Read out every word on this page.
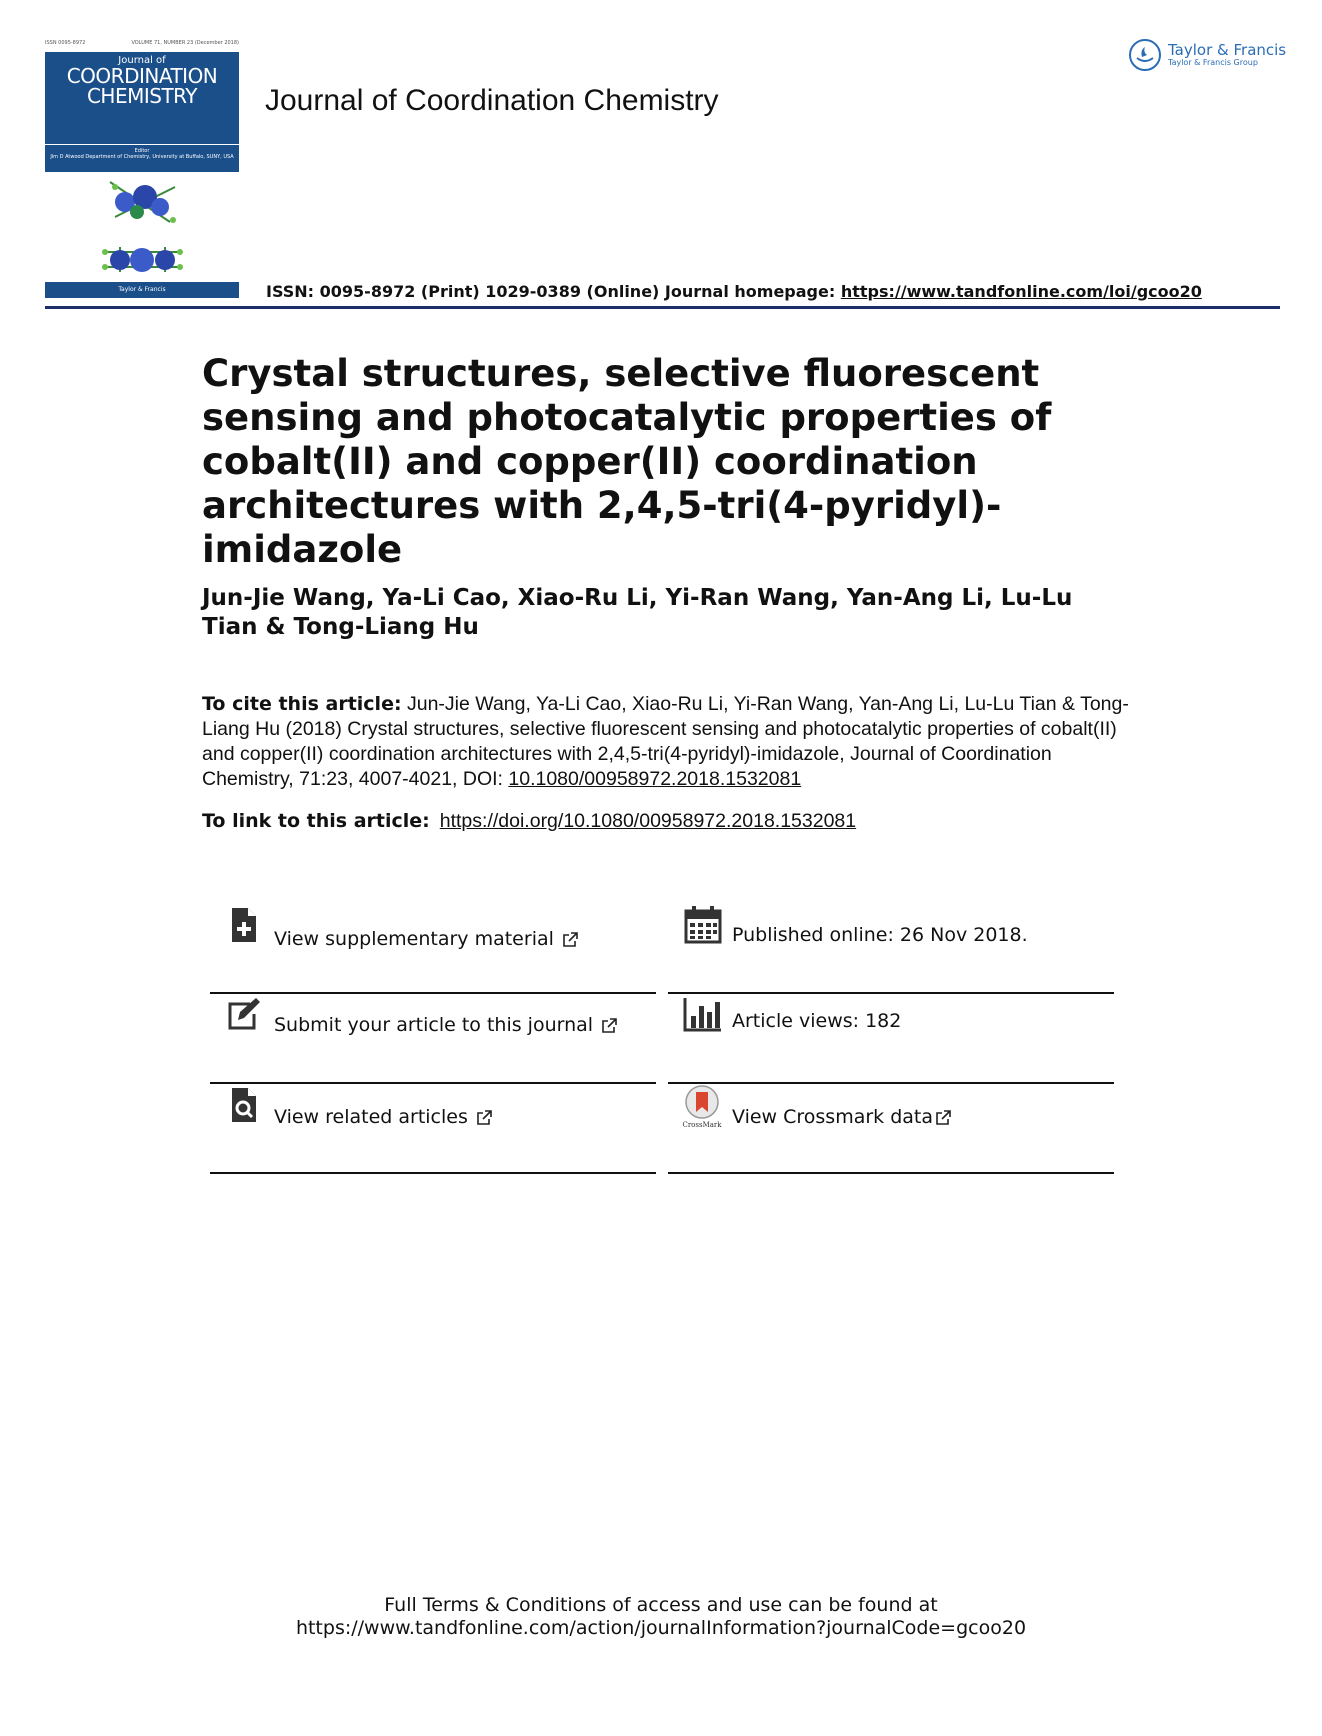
ISSN 0095-8972	VOLUME 71, NUMBER 23 (December 2018)
Journal of
COORDINATION
CHEMISTRY
Editor
Jim D Atwood Department of Chemistry, University at Buffalo, SUNY, USA
Taylor & Francis
Journal of Coordination Chemistry
Taylor & Francis
Taylor & Francis Group
ISSN: 0095-8972 (Print) 1029-0389 (Online) Journal homepage: https://www.tandfonline.com/loi/gcoo20
Crystal structures, selective fluorescent sensing and photocatalytic properties of cobalt(II) and copper(II) coordination architectures with 2,4,5-tri(4-pyridyl)-imidazole
Jun-Jie Wang, Ya-Li Cao, Xiao-Ru Li, Yi-Ran Wang, Yan-Ang Li, Lu-Lu Tian & Tong-Liang Hu
To cite this article: Jun-Jie Wang, Ya-Li Cao, Xiao-Ru Li, Yi-Ran Wang, Yan-Ang Li, Lu-Lu Tian & Tong-Liang Hu (2018) Crystal structures, selective fluorescent sensing and photocatalytic properties of cobalt(II) and copper(II) coordination architectures with 2,4,5-tri(4-pyridyl)-imidazole, Journal of Coordination Chemistry, 71:23, 4007-4021, DOI: 10.1080/00958972.2018.1532081
To link to this article: https://doi.org/10.1080/00958972.2018.1532081
View supplementary material	Published online: 26 Nov 2018.
Submit your article to this journal	Article views: 182
View related articles	CrossMark View Crossmark data
Full Terms & Conditions of access and use can be found at
https://www.tandfonline.com/action/journalInformation?journalCode=gcoo20
